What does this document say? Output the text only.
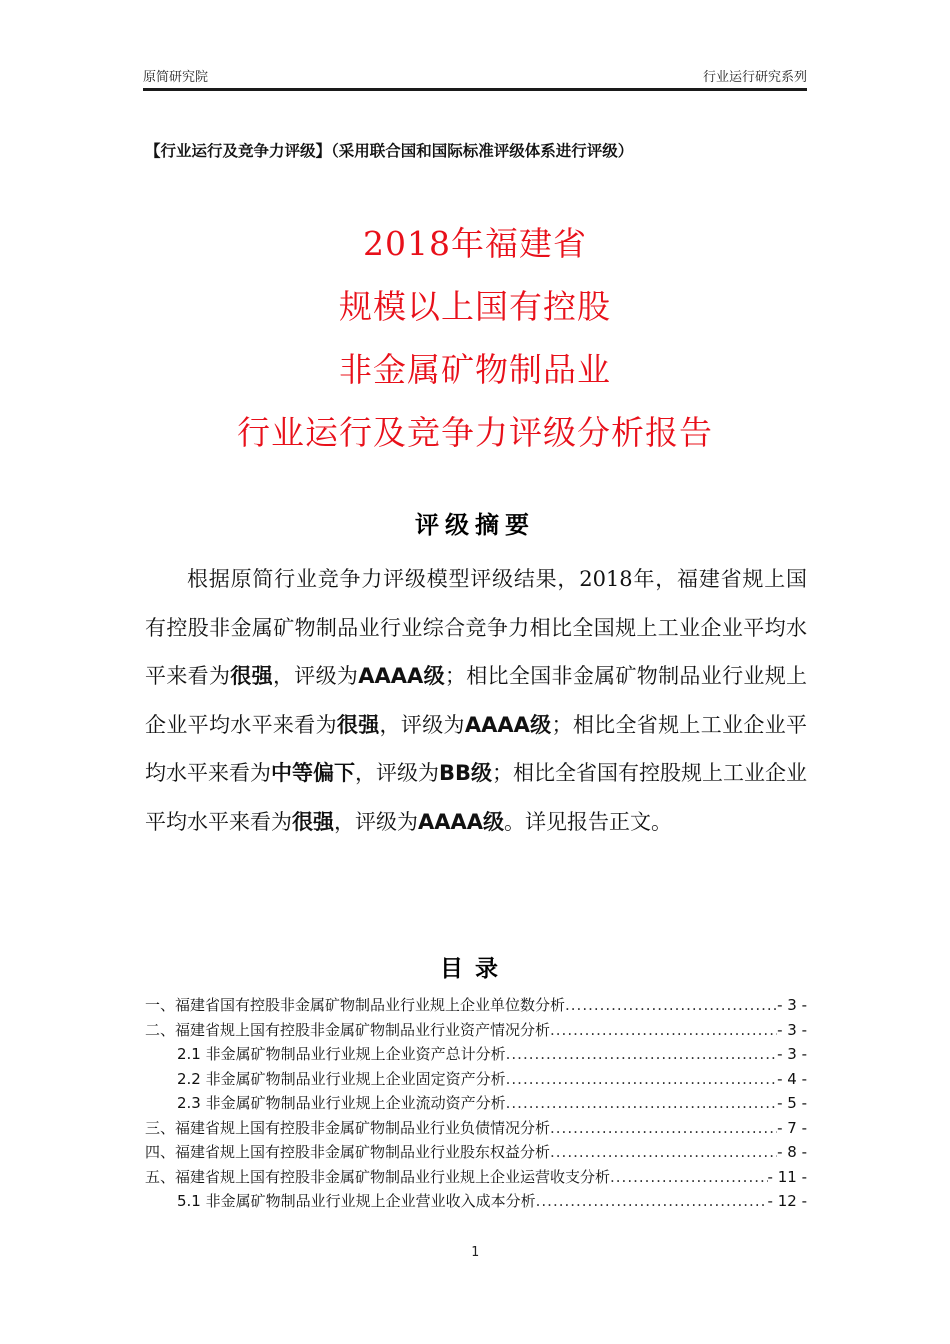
原简研究院	行业运行研究系列
【行业运行及竞争力评级】（采用联合国和国际标准评级体系进行评级）
2018年福建省
规模以上国有控股
非金属矿物制品业
行业运行及竞争力评级分析报告
评级摘要

根据原简行业竞争力评级模型评级结果，2018年，福建省规上国有控股非金属矿物制品业行业综合竞争力相比全国规上工业企业平均水平来看为很强，评级为AAAA级；相比全国非金属矿物制品业行业规上企业平均水平来看为很强，评级为AAAA级；相比全省规上工业企业平均水平来看为中等偏下，评级为BB级；相比全省国有控股规上工业企业平均水平来看为很强，评级为AAAA级。详见报告正文。

目录
一、福建省国有控股非金属矿物制品业行业规上企业单位数分析 .....	- 3 -
二、福建省规上国有控股非金属矿物制品业行业资产情况分析 .....	- 3 -
2.1 非金属矿物制品业行业规上企业资产总计分析 .....	- 3 -
2.2 非金属矿物制品业行业规上企业固定资产分析 .....	- 4 -
2.3 非金属矿物制品业行业规上企业流动资产分析 .....	- 5 -
三、福建省规上国有控股非金属矿物制品业行业负债情况分析 .....	- 7 -
四、福建省规上国有控股非金属矿物制品业行业股东权益分析 .....	- 8 -
五、福建省规上国有控股非金属矿物制品业行业规上企业运营收支分析 .....	- 11 -
5.1 非金属矿物制品业行业规上企业营业收入成本分析 .....	- 12 -
1
